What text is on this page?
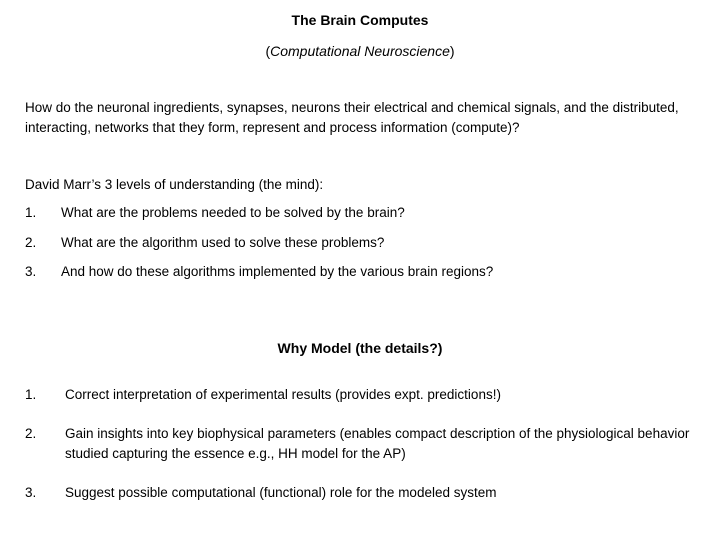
The Brain Computes
(Computational Neuroscience)
How do the neuronal ingredients, synapses, neurons their electrical and chemical signals, and the distributed, interacting, networks that they form, represent and process information (compute)?
David Marr’s 3 levels of understanding (the mind):
1. What are the problems needed to be solved by the brain?
2. What are the algorithm used to solve these problems?
3. And how do these algorithms implemented by the various brain regions?
Why Model (the details?)
1. Correct interpretation of experimental results (provides expt. predictions!)
2. Gain insights into key biophysical parameters (enables compact description of the physiological behavior studied capturing the essence e.g., HH model for the AP)
3. Suggest possible computational (functional) role for the modeled system
